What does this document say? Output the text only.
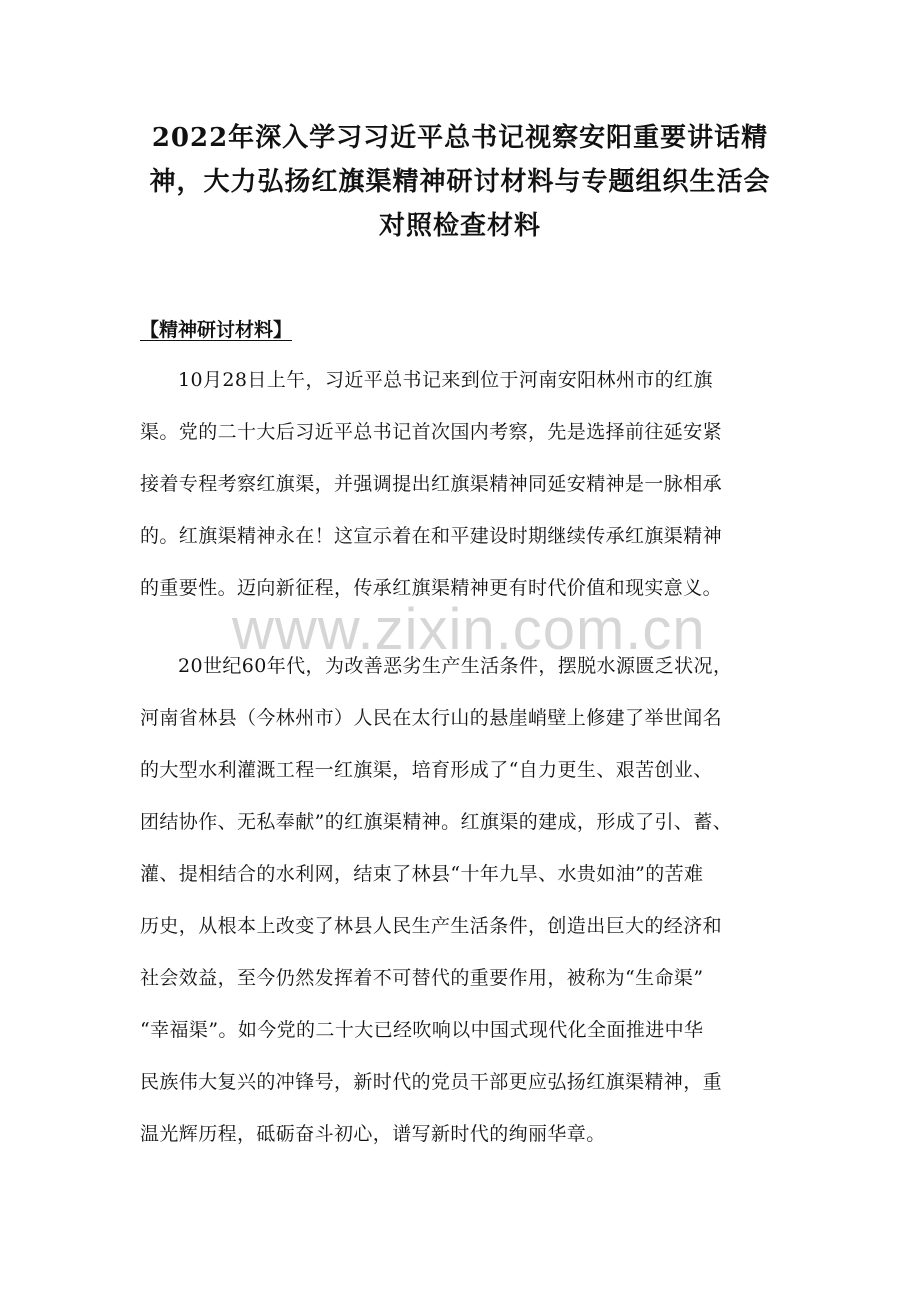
www.zixin.com.cn
2022年深入学习习近平总书记视察安阳重要讲话精
神，大力弘扬红旗渠精神研讨材料与专题组织生活会
对照检查材料
【精神研讨材料】
10月28日上午，习近平总书记来到位于河南安阳林州市的红旗
渠。党的二十大后习近平总书记首次国内考察，先是选择前往延安紧
接着专程考察红旗渠，并强调提出红旗渠精神同延安精神是一脉相承
的。红旗渠精神永在！这宣示着在和平建设时期继续传承红旗渠精神
的重要性。迈向新征程，传承红旗渠精神更有时代价值和现实意义。
20世纪60年代，为改善恶劣生产生活条件，摆脱水源匮乏状况，
河南省林县（今林州市）人民在太行山的悬崖峭壁上修建了举世闻名
的大型水利灌溉工程一红旗渠，培育形成了“自力更生、艰苦创业、
团结协作、无私奉献”的红旗渠精神。红旗渠的建成，形成了引、蓄、
灌、提相结合的水利网，结束了林县“十年九旱、水贵如油”的苦难
历史，从根本上改变了林县人民生产生活条件，创造出巨大的经济和
社会效益，至今仍然发挥着不可替代的重要作用，被称为“生命渠”
“幸福渠”。如今党的二十大已经吹响以中国式现代化全面推进中华
民族伟大复兴的冲锋号，新时代的党员干部更应弘扬红旗渠精神，重
温光辉历程，砥砺奋斗初心，谱写新时代的绚丽华章。
